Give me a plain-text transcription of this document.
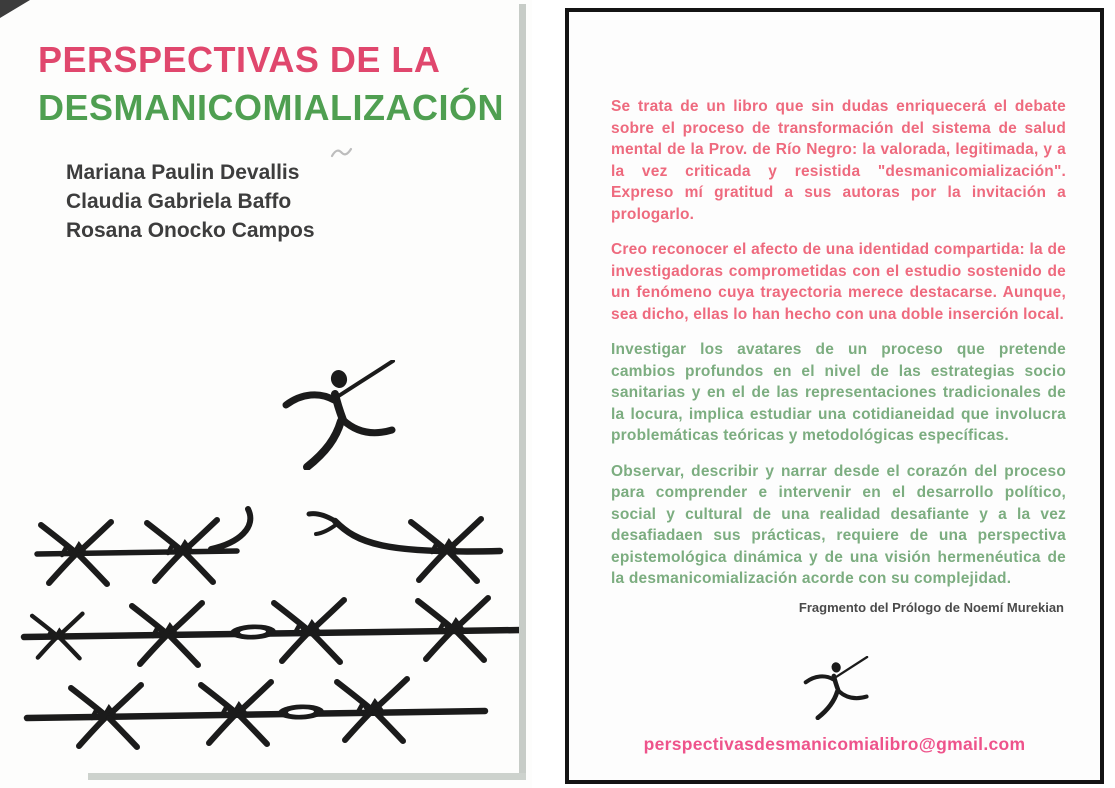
PERSPECTIVAS DE LA
DESMANICOMIALIZACIÓN
Mariana Paulin Devallis
Claudia Gabriela Baffo
Rosana Onocko Campos

Se trata de un libro que sin dudas enriquecerá el debate sobre el proceso de transformación del sistema de salud mental de la Prov. de Río Negro: la valorada, legitimada, y a la vez criticada y resistida "desmanicomialización". Expreso mí gratitud a sus autoras por la invitación a prologarlo.

Creo reconocer el afecto de una identidad compartida: la de investigadoras comprometidas con el estudio sostenido de un fenómeno cuya trayectoria merece destacarse. Aunque, sea dicho, ellas lo han hecho con una doble inserción local.

Investigar los avatares de un proceso que pretende cambios profundos en el nivel de las estrategias socio sanitarias y en el de las representaciones tradicionales de la locura, implica estudiar una cotidianeidad que involucra problemáticas teóricas y metodológicas específicas.

Observar, describir y narrar desde el corazón del proceso para comprender e intervenir en el desarrollo político, social y cultural de una realidad desafiante y a la vez desafiadaen sus prácticas, requiere de una perspectiva epistemológica dinámica y de una visión hermenéutica de la desmanicomialización acorde con su complejidad.

Fragmento del Prólogo de Noemí Murekian
perspectivasdesmanicomialibro@gmail.com
